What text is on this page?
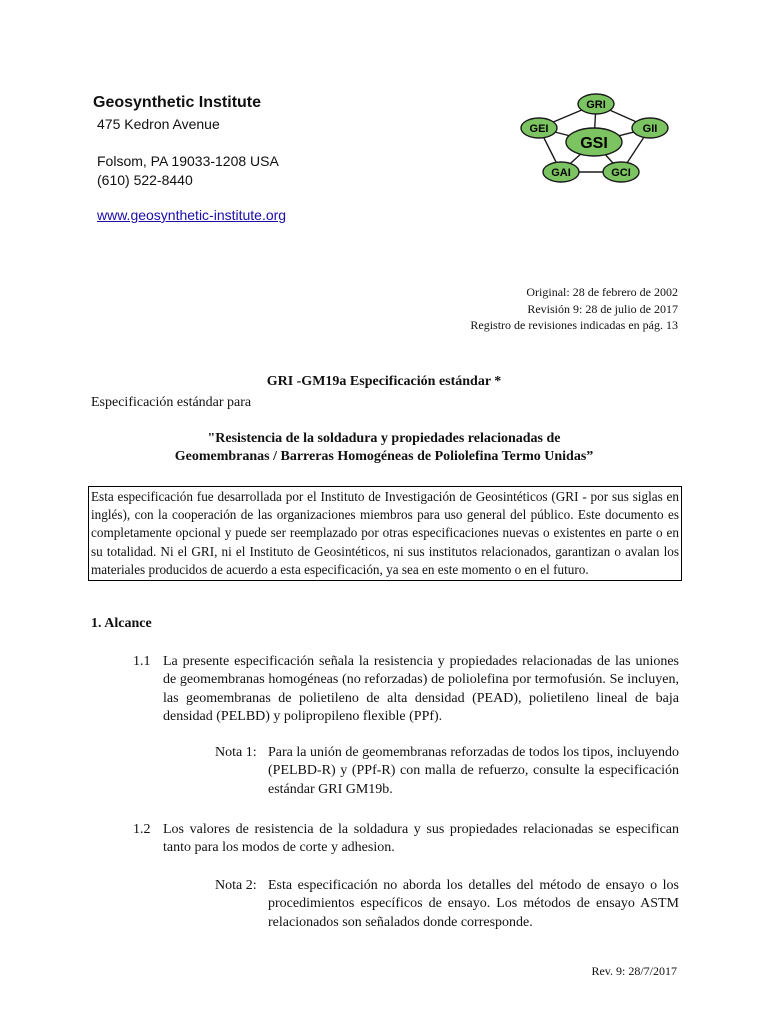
Geosynthetic Institute
475 Kedron Avenue
Folsom, PA 19033-1208 USA
(610) 522-8440
www.geosynthetic-institute.org
GSI
GRI
GII
GCI
GAI
GEI
Original: 28 de febrero de 2002
Revisión 9: 28 de julio de 2017
Registro de revisiones indicadas en pág. 13
GRI -GM19a Especificación estándar *
Especificación estándar para
"Resistencia de la soldadura y propiedades relacionadas de
Geomembranas / Barreras Homogéneas de Poliolefina Termo Unidas”
Esta especificación fue desarrollada por el Instituto de Investigación de Geosintéticos (GRI - por sus siglas en inglés), con la cooperación de las organizaciones miembros para uso general del público. Este documento es completamente opcional y puede ser reemplazado por otras especificaciones nuevas o existentes en parte o en su totalidad. Ni el GRI, ni el Instituto de Geosintéticos, ni sus institutos relacionados, garantizan o avalan los materiales producidos de acuerdo a esta especificación, ya sea en este momento o en el futuro.
1. Alcance
1.1 La presente especificación señala la resistencia y propiedades relacionadas de las uniones de geomembranas homogéneas (no reforzadas) de poliolefina por termofusión. Se incluyen, las geomembranas de polietileno de alta densidad (PEAD), polietileno lineal de baja densidad (PELBD) y polipropileno flexible (PPf).
Nota 1: Para la unión de geomembranas reforzadas de todos los tipos, incluyendo (PELBD-R) y (PPf-R) con malla de refuerzo, consulte la especificación estándar GRI GM19b.
1.2 Los valores de resistencia de la soldadura y sus propiedades relacionadas se especifican tanto para los modos de corte y adhesion.
Nota 2: Esta especificación no aborda los detalles del método de ensayo o los procedimientos específicos de ensayo. Los métodos de ensayo ASTM relacionados son señalados donde corresponde.
Rev. 9: 28/7/2017
